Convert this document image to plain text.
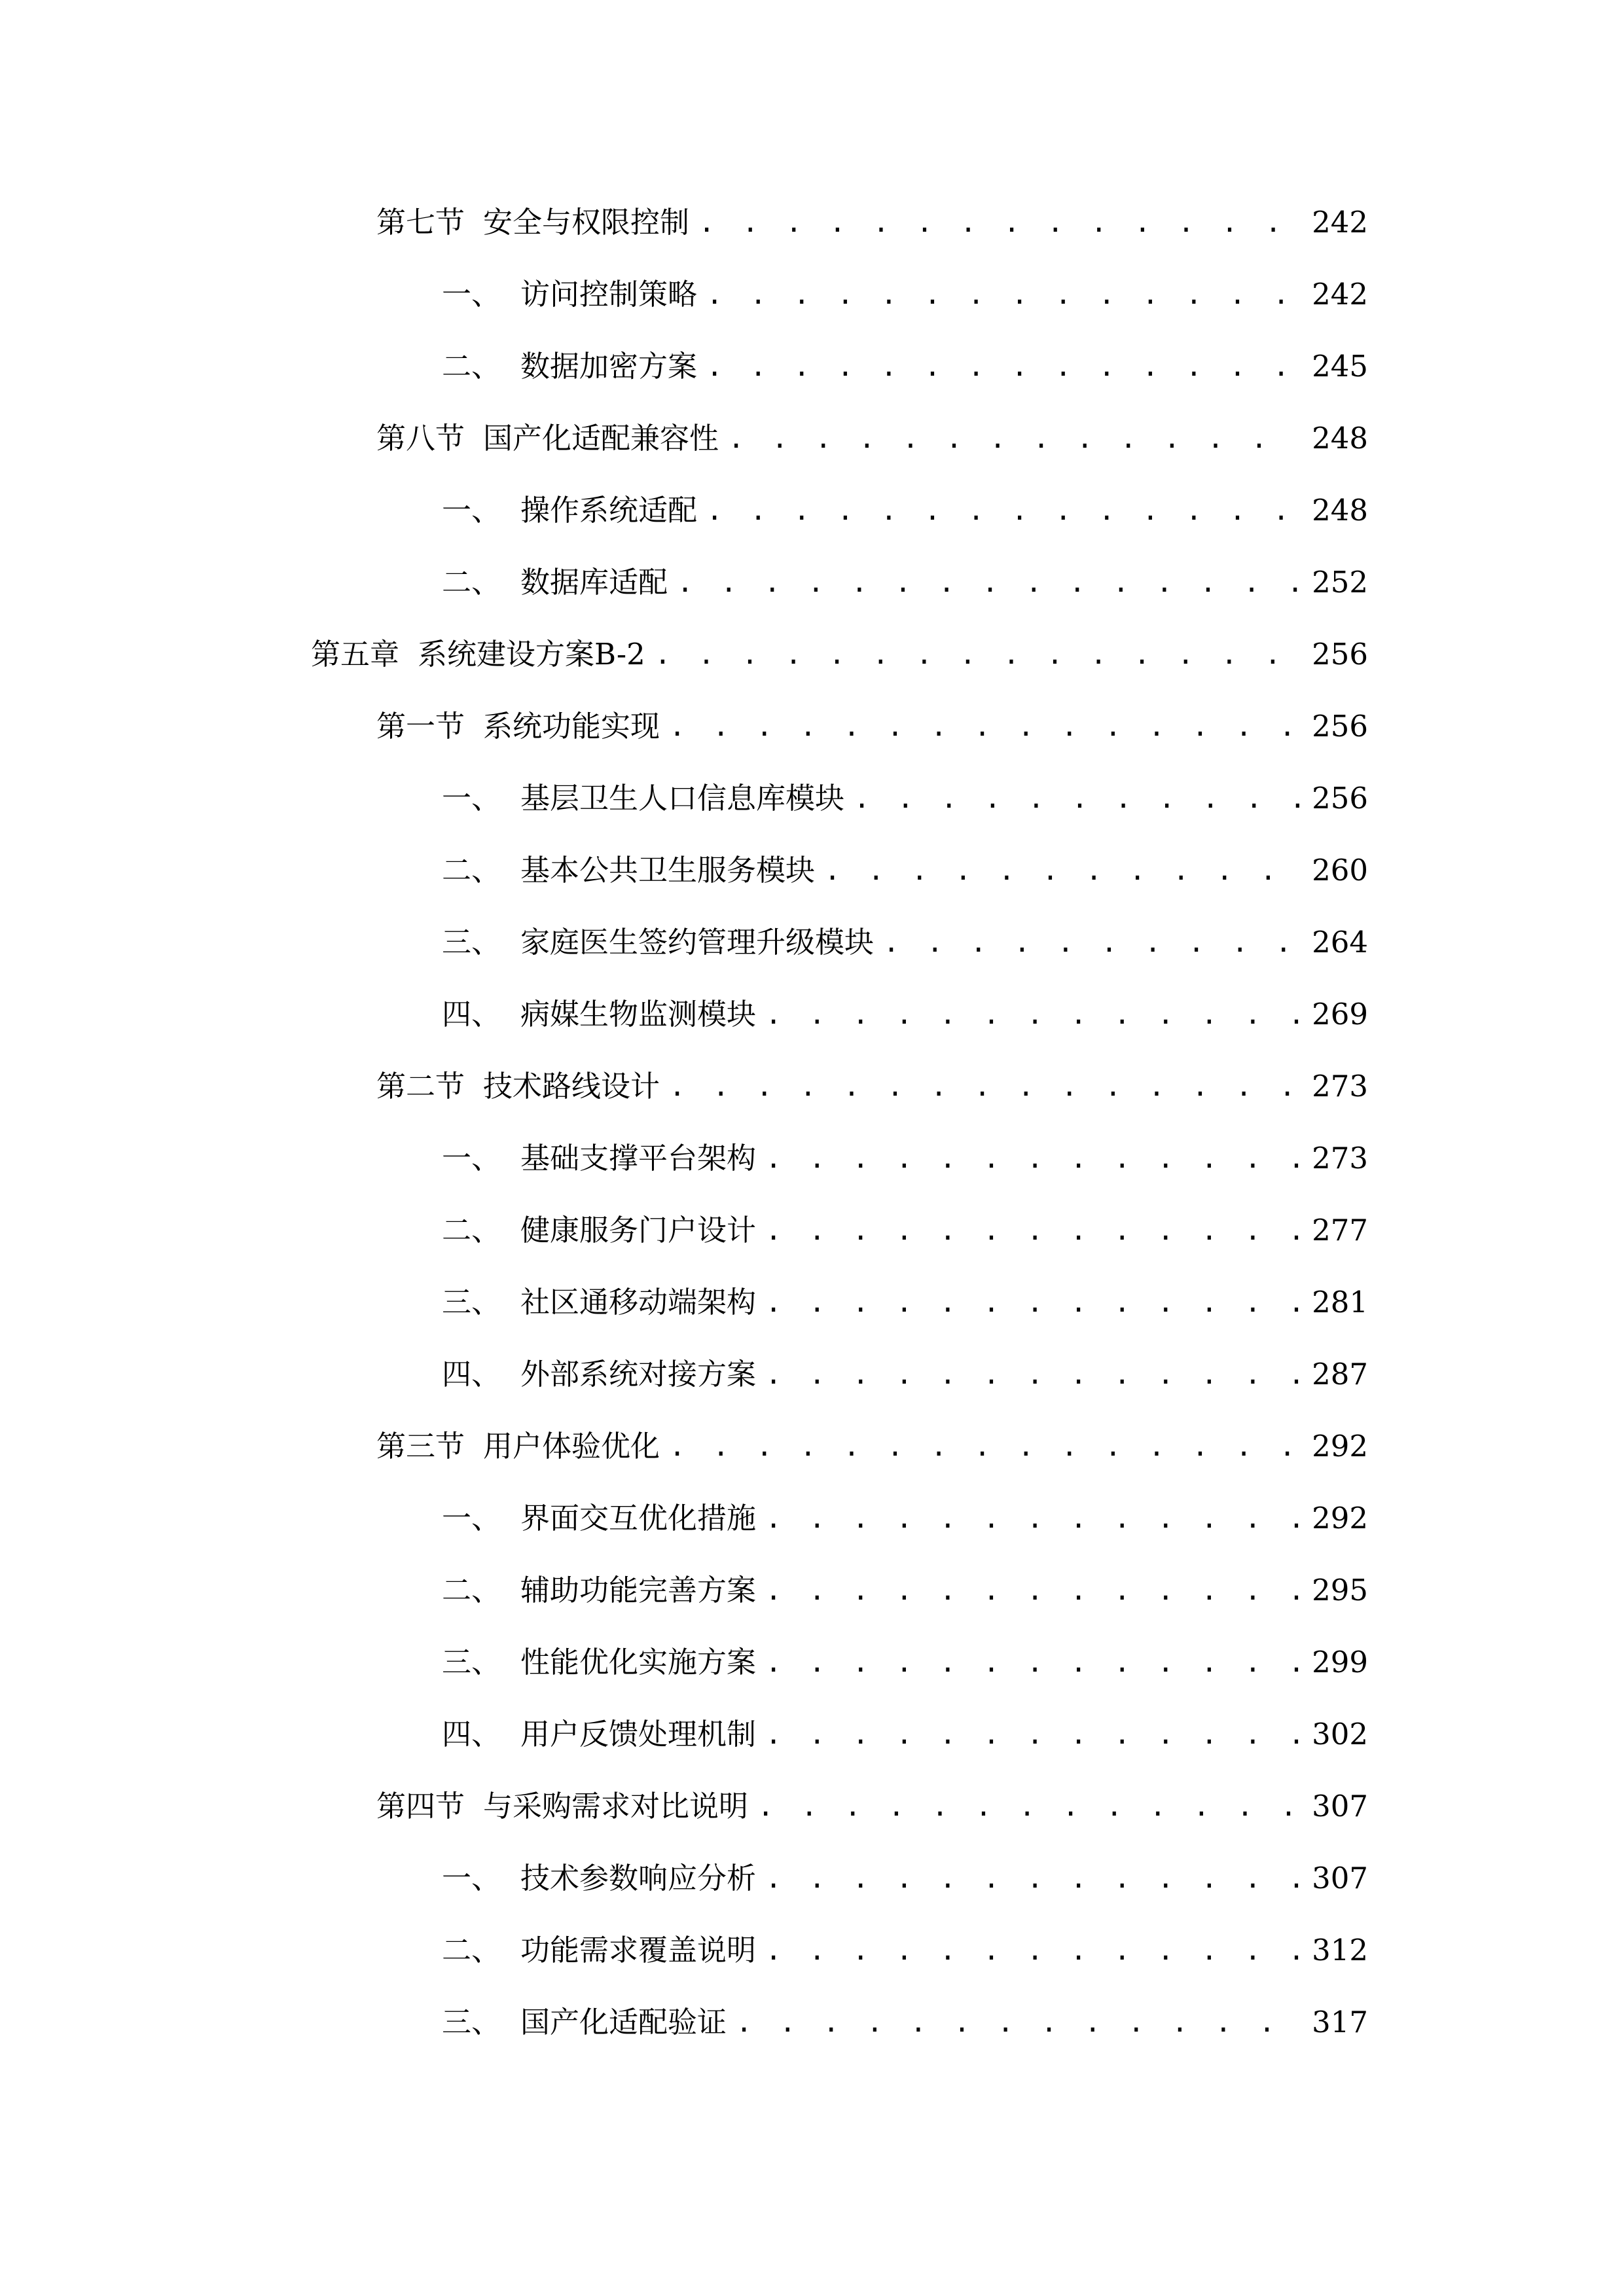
第七节 安全与权限控制 . . .	242
一、 访问控制策略 . . .	242
二、 数据加密方案 . . .	245
第八节 国产化适配兼容性 . . .	248
一、 操作系统适配 . . .	248
二、 数据库适配 . . .	252
第五章 系统建设方案B-2 . . .	256
第一节 系统功能实现 . . .	256
一、 基层卫生人口信息库模块 . . .	256
二、 基本公共卫生服务模块 . . .	260
三、 家庭医生签约管理升级模块 . . .	264
四、 病媒生物监测模块 . . .	269
第二节 技术路线设计 . . .	273
一、 基础支撑平台架构 . . .	273
二、 健康服务门户设计 . . .	277
三、 社区通移动端架构 . . .	281
四、 外部系统对接方案 . . .	287
第三节 用户体验优化 . . .	292
一、 界面交互优化措施 . . .	292
二、 辅助功能完善方案 . . .	295
三、 性能优化实施方案 . . .	299
四、 用户反馈处理机制 . . .	302
第四节 与采购需求对比说明 . . .	307
一、 技术参数响应分析 . . .	307
二、 功能需求覆盖说明 . . .	312
三、 国产化适配验证 . . .	317
